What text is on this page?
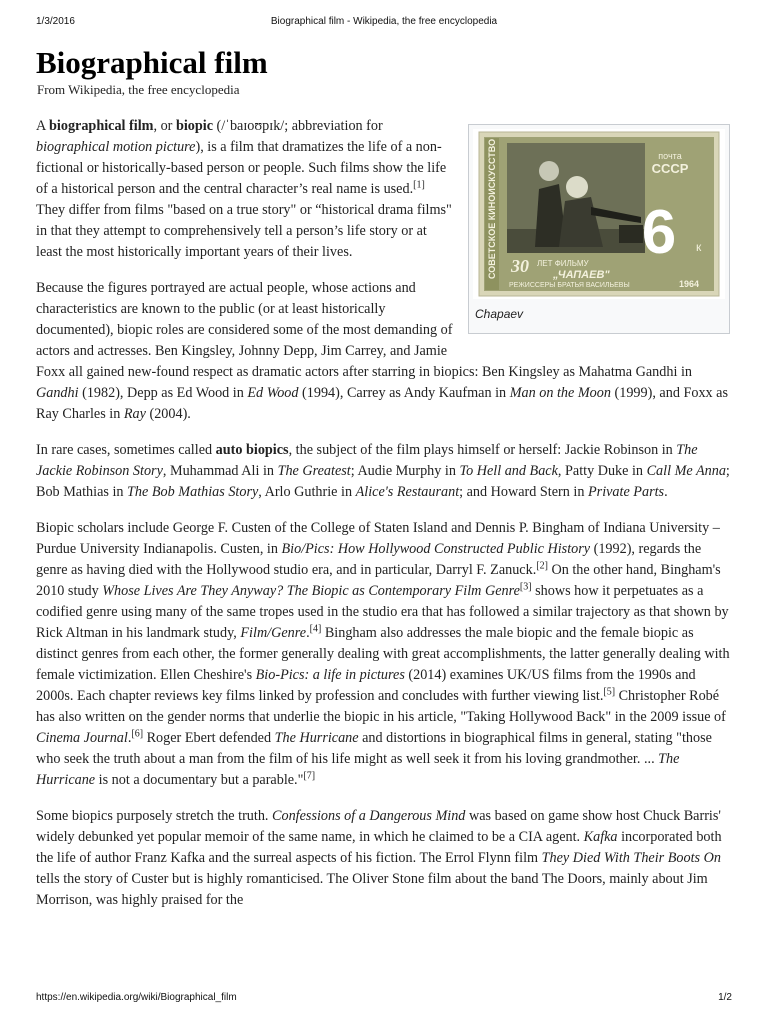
1/3/2016	Biographical film - Wikipedia, the free encyclopedia
Biographical film
From Wikipedia, the free encyclopedia
СОВЕТСКОЕ КИНОИСКУССТВО	почта
СССР
6 к
30 ЛЕТ ФИЛЬМУ
„ЧАПАЕВ"
РЕЖИССЕРЫ БРАТЬЯ ВАСИЛЬЕВЫ	1964
Chapaev

A biographical film, or biopic (/ˈbaɪoʊpɪk/; abbreviation for biographical motion picture), is a film that dramatizes the life of a non-fictional or historically-based person or people. Such films show the life of a historical person and the central character’s real name is used.[1] They differ from films "based on a true story" or “historical drama films" in that they attempt to comprehensively tell a person’s life story or at least the most historically important years of their lives.

Because the figures portrayed are actual people, whose actions and characteristics are known to the public (or at least historically documented), biopic roles are considered some of the most demanding of actors and actresses. Ben Kingsley, Johnny Depp, Jim Carrey, and Jamie Foxx all gained new-found respect as dramatic actors after starring in biopics: Ben Kingsley as Mahatma Gandhi in Gandhi (1982), Depp as Ed Wood in Ed Wood (1994), Carrey as Andy Kaufman in Man on the Moon (1999), and Foxx as Ray Charles in Ray (2004).

In rare cases, sometimes called auto biopics, the subject of the film plays himself or herself: Jackie Robinson in The Jackie Robinson Story, Muhammad Ali in The Greatest; Audie Murphy in To Hell and Back, Patty Duke in Call Me Anna; Bob Mathias in The Bob Mathias Story, Arlo Guthrie in Alice's Restaurant; and Howard Stern in Private Parts.

Biopic scholars include George F. Custen of the College of Staten Island and Dennis P. Bingham of Indiana University – Purdue University Indianapolis. Custen, in Bio/Pics: How Hollywood Constructed Public History (1992), regards the genre as having died with the Hollywood studio era, and in particular, Darryl F. Zanuck.[2] On the other hand, Bingham's 2010 study Whose Lives Are They Anyway? The Biopic as Contemporary Film Genre[3] shows how it perpetuates as a codified genre using many of the same tropes used in the studio era that has followed a similar trajectory as that shown by Rick Altman in his landmark study, Film/Genre.[4] Bingham also addresses the male biopic and the female biopic as distinct genres from each other, the former generally dealing with great accomplishments, the latter generally dealing with female victimization. Ellen Cheshire's Bio-Pics: a life in pictures (2014) examines UK/US films from the 1990s and 2000s. Each chapter reviews key films linked by profession and concludes with further viewing list.[5] Christopher Robé has also written on the gender norms that underlie the biopic in his article, "Taking Hollywood Back" in the 2009 issue of Cinema Journal.[6] Roger Ebert defended The Hurricane and distortions in biographical films in general, stating "those who seek the truth about a man from the film of his life might as well seek it from his loving grandmother. ... The Hurricane is not a documentary but a parable."[7]

Some biopics purposely stretch the truth. Confessions of a Dangerous Mind was based on game show host Chuck Barris' widely debunked yet popular memoir of the same name, in which he claimed to be a CIA agent. Kafka incorporated both the life of author Franz Kafka and the surreal aspects of his fiction. The Errol Flynn film They Died With Their Boots On tells the story of Custer but is highly romanticised. The Oliver Stone film about the band The Doors, mainly about Jim Morrison, was highly praised for the

https://en.wikipedia.org/wiki/Biographical_film	1/2
